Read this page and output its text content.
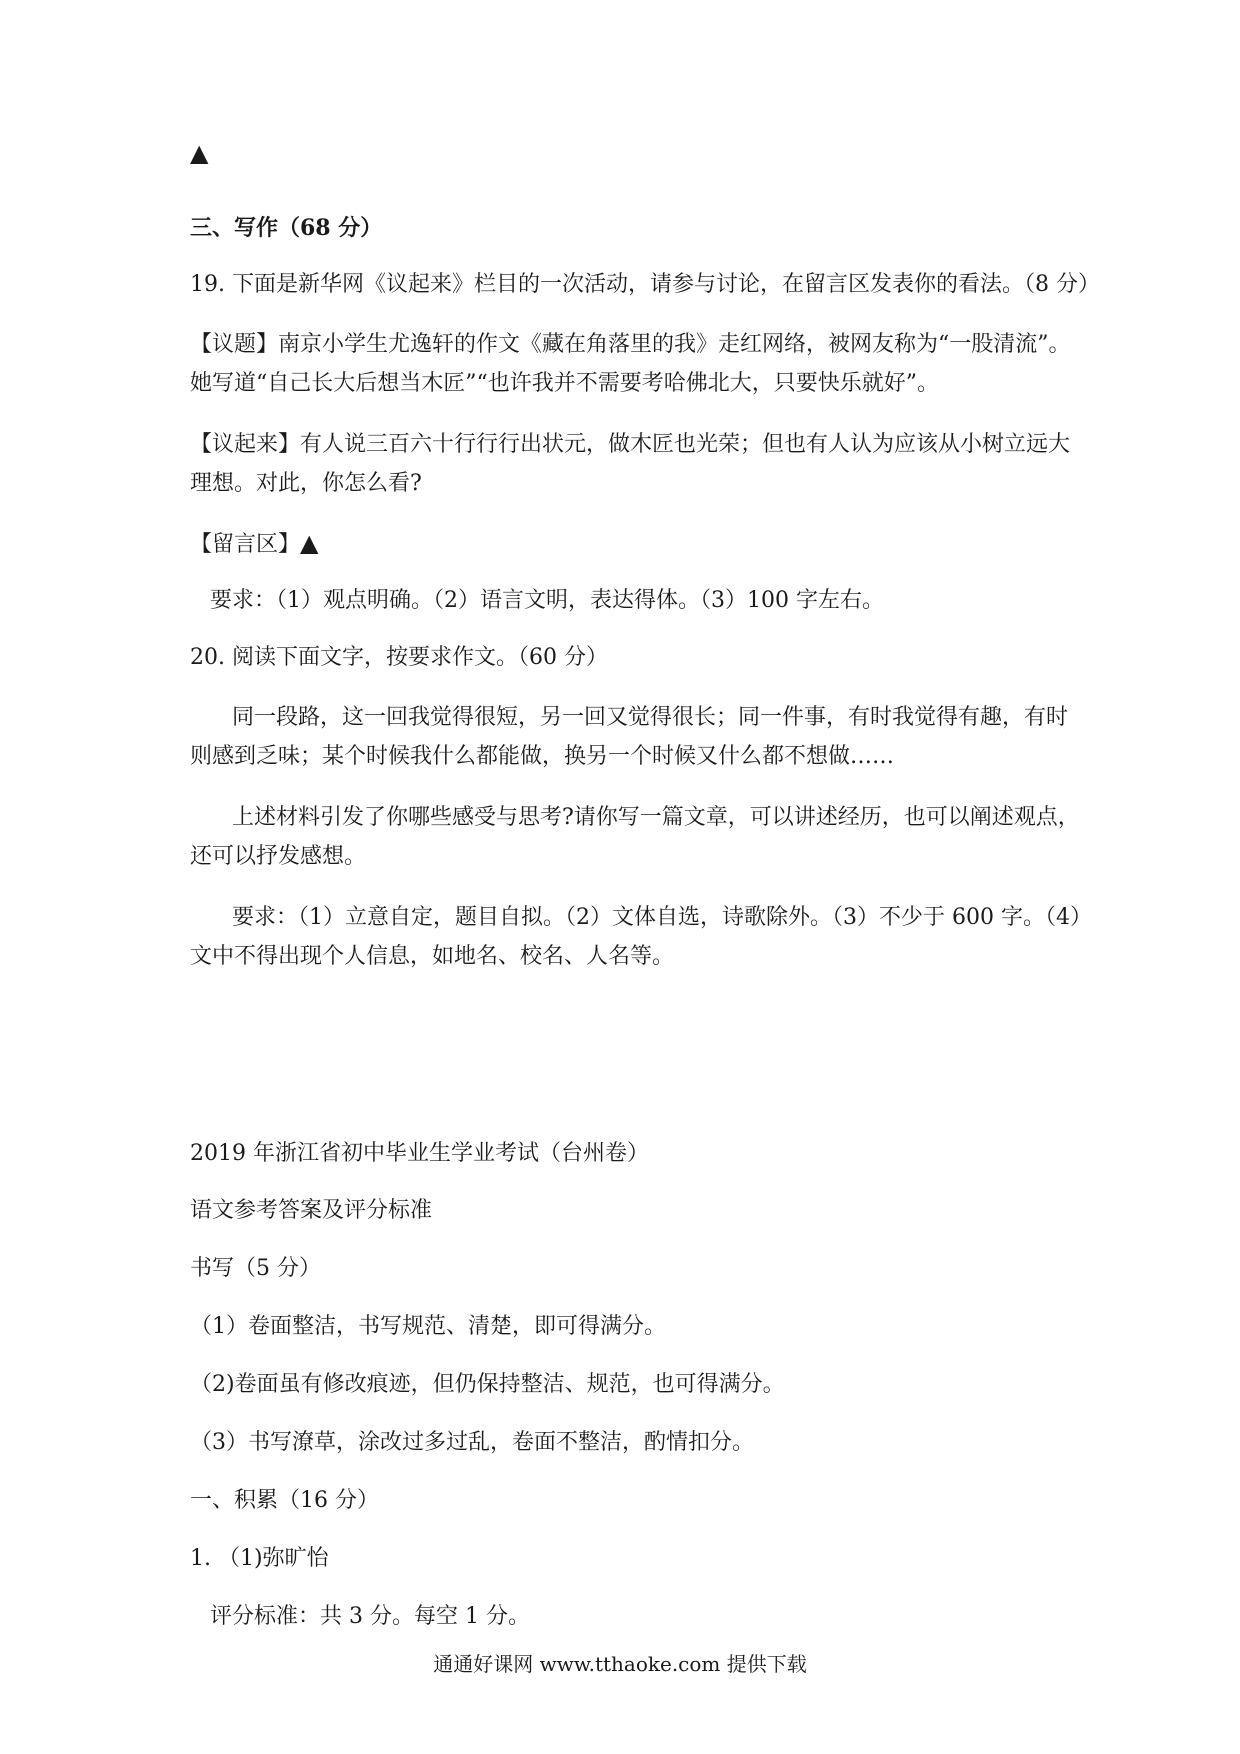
▲
三、写作（68 分）
19. 下面是新华网《议起来》栏目的一次活动，请参与讨论，在留言区发表你的看法。（8 分）
【议题】南京小学生尤逸轩的作文《藏在角落里的我》走红网络，被网友称为“一股清流”。
她写道“自己长大后想当木匠”“也许我并不需要考哈佛北大，只要快乐就好”。
【议起来】有人说三百六十行行行出状元，做木匠也光荣；但也有人认为应该从小树立远大
理想。对此，你怎么看?
【留言区】▲
要求：（1）观点明确。（2）语言文明，表达得体。（3）100 字左右。
20. 阅读下面文字，按要求作文。（60 分）
同一段路，这一回我觉得很短，另一回又觉得很长；同一件事，有时我觉得有趣，有时
则感到乏味；某个时候我什么都能做，换另一个时候又什么都不想做……
上述材料引发了你哪些感受与思考?请你写一篇文章，可以讲述经历，也可以阐述观点，
还可以抒发感想。
要求：（1）立意自定，题目自拟。（2）文体自选，诗歌除外。（3）不少于 600 字。（4）
文中不得出现个人信息，如地名、校名、人名等。
2019 年浙江省初中毕业生学业考试（台州卷）
语文参考答案及评分标准
书写（5 分）
（1）卷面整洁，书写规范、清楚，即可得满分。
（2)卷面虽有修改痕迹，但仍保持整洁、规范，也可得满分。
（3）书写潦草，涂改过多过乱，卷面不整洁，酌情扣分。
一、积累（16 分）
1. （1)弥旷怡
评分标准：共 3 分。每空 1 分。
通通好课网 www.tthaoke.com 提供下载
